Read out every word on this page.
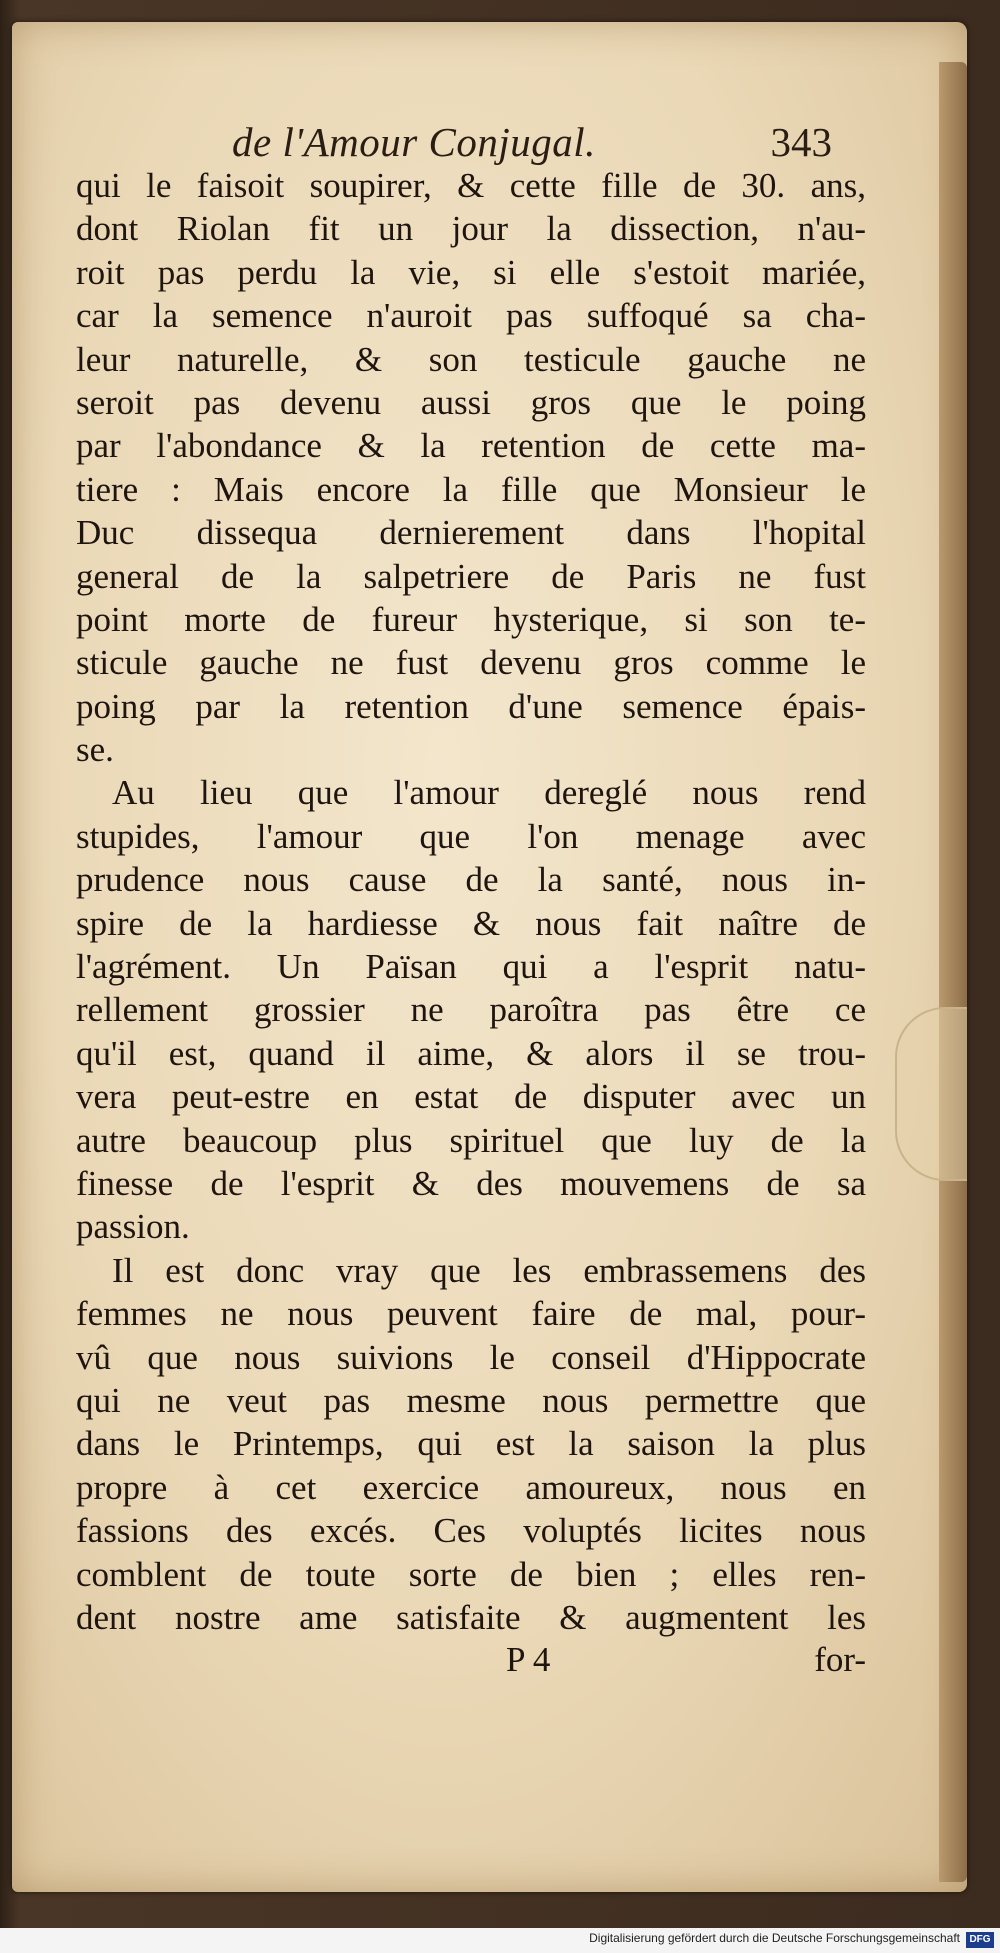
de l'Amour Conjugal.	343
qui le faisoit soupirer, & cette fille de 30. ans,
dont Riolan fit un jour la dissection, n'au-
roit pas perdu la vie, si elle s'estoit mariée,
car la semence n'auroit pas suffoqué sa cha-
leur naturelle, & son testicule gauche ne
seroit pas devenu aussi gros que le poing
par l'abondance & la retention de cette ma-
tiere : Mais encore la fille que Monsieur le
Duc dissequa dernierement dans l'hopital
general de la salpetriere de Paris ne fust
point morte de fureur hysterique, si son te-
sticule gauche ne fust devenu gros comme le
poing par la retention d'une semence épais-
se.
Au lieu que l'amour dereglé nous rend
stupides, l'amour que l'on menage avec
prudence nous cause de la santé, nous in-
spire de la hardiesse & nous fait naître de
l'agrément. Un Païsan qui a l'esprit natu-
rellement grossier ne paroîtra pas être ce
qu'il est, quand il aime, & alors il se trou-
vera peut-estre en estat de disputer avec un
autre beaucoup plus spirituel que luy de la
finesse de l'esprit & des mouvemens de sa
passion.
Il est donc vray que les embrassemens des
femmes ne nous peuvent faire de mal, pour-
vû que nous suivions le conseil d'Hippocrate
qui ne veut pas mesme nous permettre que
dans le Printemps, qui est la saison la plus
propre à cet exercice amoureux, nous en
fassions des excés. Ces voluptés licites nous
comblent de toute sorte de bien ; elles ren-
dent nostre ame satisfaite & augmentent les
P 4	for-
Digitalisierung gefördert durch die Deutsche Forschungsgemeinschaft DFG
